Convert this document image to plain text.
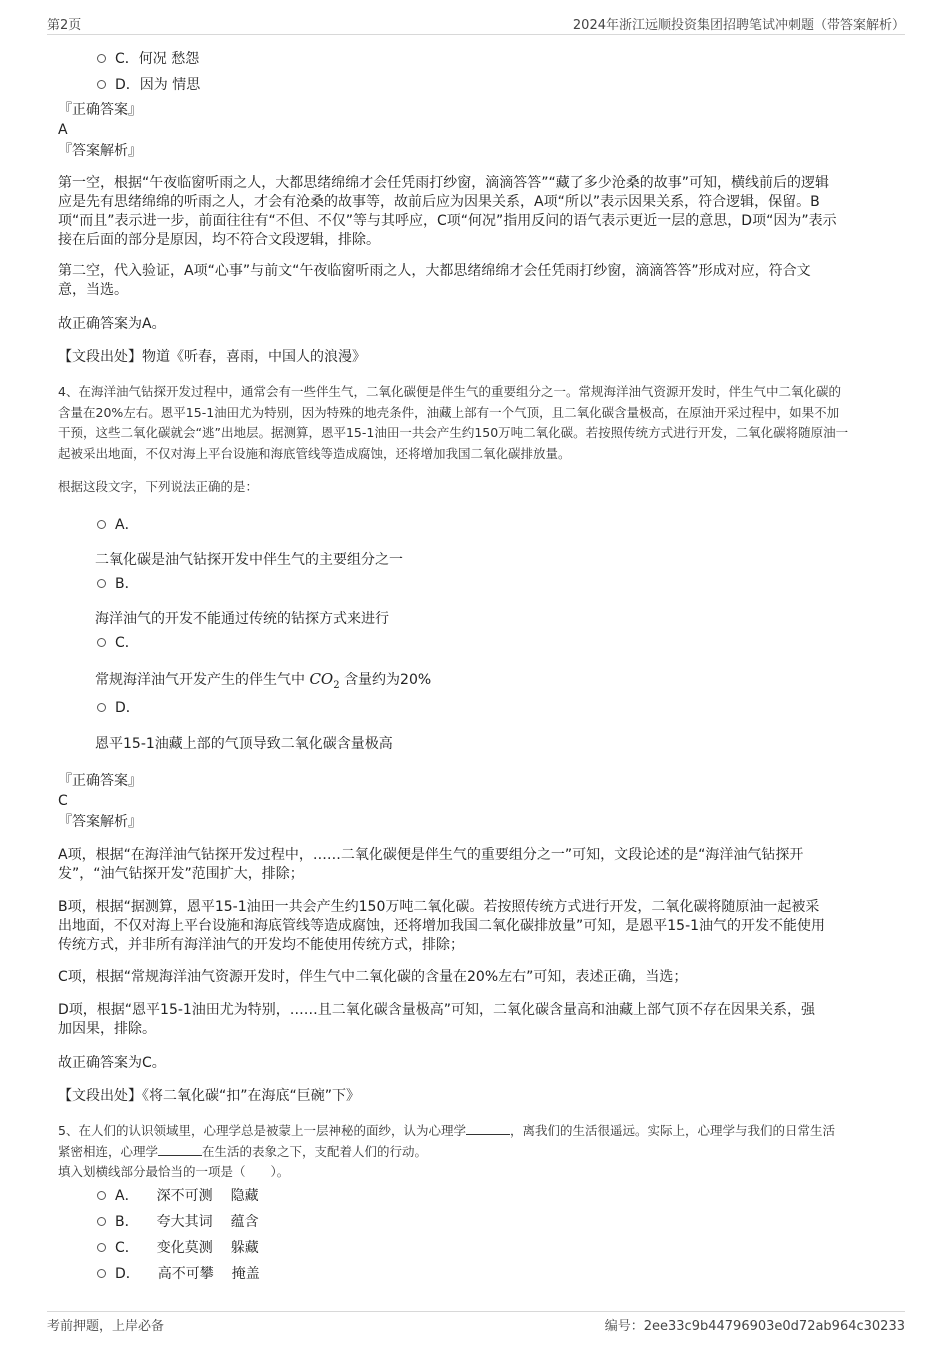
第2页	2024年浙江远顺投资集团招聘笔试冲刺题（带答案解析）
C．何况 愁怨
D．因为 情思
『正确答案』
A
『答案解析』
第一空，根据“午夜临窗听雨之人，大都思绪绵绵才会任凭雨打纱窗，滴滴答答”“藏了多少沧桑的故事”可知，横线前后的逻辑
应是先有思绪绵绵的听雨之人，才会有沧桑的故事等，故前后应为因果关系，A项“所以”表示因果关系，符合逻辑，保留。B
项“而且”表示进一步，前面往往有“不但、不仅”等与其呼应，C项“何况”指用反问的语气表示更近一层的意思，D项“因为”表示
接在后面的部分是原因，均不符合文段逻辑，排除。
第二空，代入验证，A项“心事”与前文“午夜临窗听雨之人，大都思绪绵绵才会任凭雨打纱窗，滴滴答答”形成对应，符合文
意，当选。
故正确答案为A。
【文段出处】物道《听春，喜雨，中国人的浪漫》
4、在海洋油气钻探开发过程中，通常会有一些伴生气，二氧化碳便是伴生气的重要组分之一。常规海洋油气资源开发时，伴生气中二氧化碳的
含量在20%左右。恩平15-1油田尤为特别，因为特殊的地壳条件，油藏上部有一个气顶，且二氧化碳含量极高，在原油开采过程中，如果不加
干预，这些二氧化碳就会“逃”出地层。据测算，恩平15-1油田一共会产生约150万吨二氧化碳。若按照传统方式进行开发，二氧化碳将随原油一
起被采出地面，不仅对海上平台设施和海底管线等造成腐蚀，还将增加我国二氧化碳排放量。
根据这段文字，下列说法正确的是：
A．
二氧化碳是油气钻探开发中伴生气的主要组分之一
B．
海洋油气的开发不能通过传统的钻探方式来进行
C．
常规海洋油气开发产生的伴生气中 $CO_2$ 含量约为20%
D．
恩平15-1油藏上部的气顶导致二氧化碳含量极高
『正确答案』
C
『答案解析』
A项，根据“在海洋油气钻探开发过程中，……二氧化碳便是伴生气的重要组分之一”可知，文段论述的是“海洋油气钻探开
发”，“油气钻探开发”范围扩大，排除；
B项，根据“据测算，恩平15-1油田一共会产生约150万吨二氧化碳。若按照传统方式进行开发，二氧化碳将随原油一起被采
出地面，不仅对海上平台设施和海底管线等造成腐蚀，还将增加我国二氧化碳排放量”可知，是恩平15-1油气的开发不能使用
传统方式，并非所有海洋油气的开发均不能使用传统方式，排除；
C项，根据“常规海洋油气资源开发时，伴生气中二氧化碳的含量在20%左右”可知，表述正确，当选；
D项，根据“恩平15-1油田尤为特别，……且二氧化碳含量极高”可知，二氧化碳含量高和油藏上部气顶不存在因果关系，强
加因果，排除。
故正确答案为C。
【文段出处】《将二氧化碳“扣”在海底“巨碗”下》
5、在人们的认识领域里，心理学总是被蒙上一层神秘的面纱，认为心理学	，离我们的生活很遥远。实际上，心理学与我们的日常生活
紧密相连，心理学	在生活的表象之下，支配着人们的行动。
填入划横线部分最恰当的一项是（　　）。
A． 深不可测 隐藏
B． 夸大其词 蕴含
C． 变化莫测 躲藏
D． 高不可攀 掩盖
考前押题，上岸必备	编号：2ee33c9b44796903e0d72ab964c30233
